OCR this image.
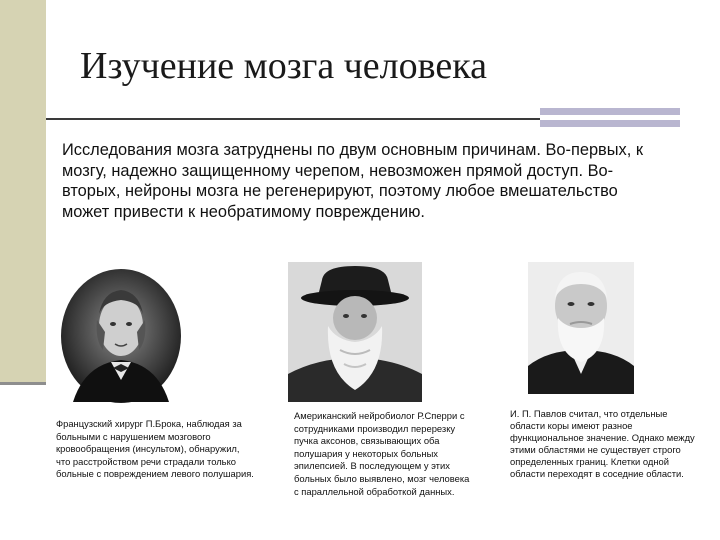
Изучение мозга человека

Исследования мозга затруднены по двум основным причинам. Во-первых, к мозгу, надежно защищенному черепом, невозможен прямой доступ. Во-вторых, нейроны мозга не регенерируют, поэтому любое вмешательство может привести к необратимому повреждению.

Французский хирург П.Брока, наблюдая за больными с нарушением мозгового кровообращения (инсультом), обнаружил, что расстройством речи страдали только больные с повреждением левого полушария.

Американский нейробиолог Р.Сперри с сотрудниками производил перерезку пучка аксонов, связывающих оба полушария у некоторых больных эпилепсией. В последующем у этих больных было выявлено, мозг человека с параллельной обработкой данных.

И. П. Павлов считал, что отдельные области коры имеют разное функциональное значение. Однако между этими областями не существует строго определенных границ. Клетки одной области переходят в соседние области.
